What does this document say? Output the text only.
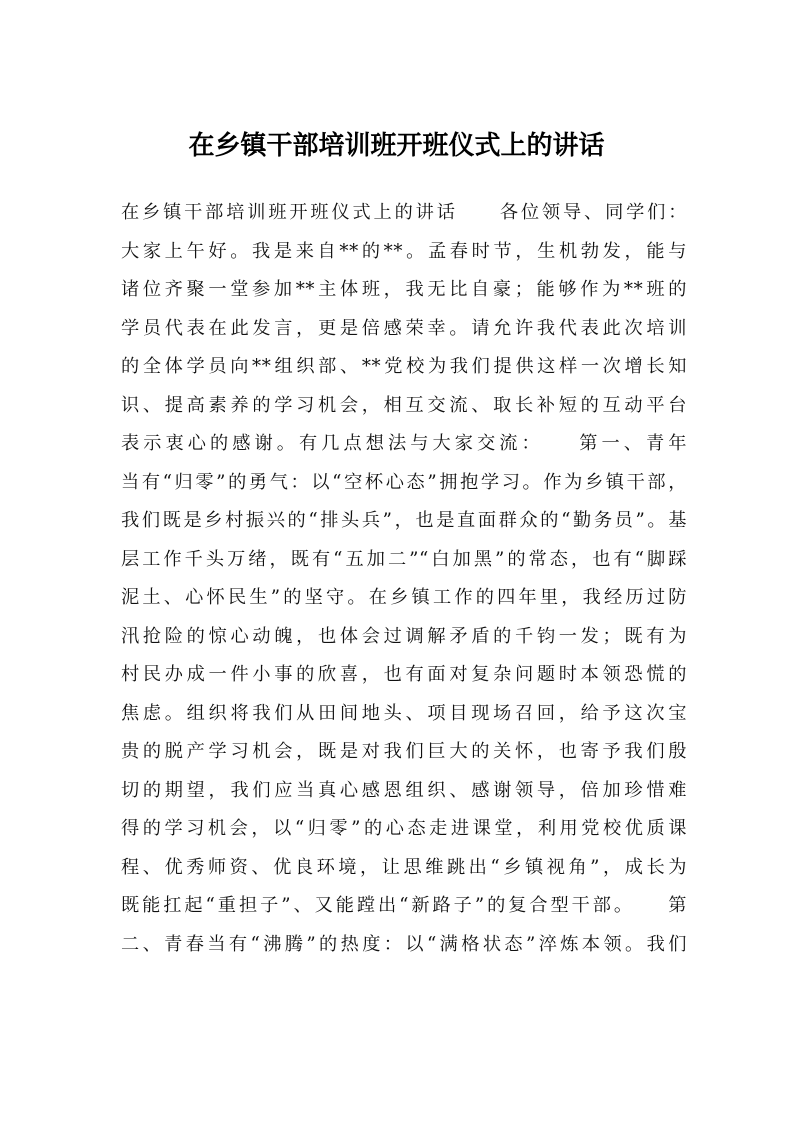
在乡镇干部培训班开班仪式上的讲话
在乡镇干部培训班开班仪式上的讲话　　各位领导、同学们：
大家上午好。我是来自**的**。孟春时节，生机勃发，能与
诸位齐聚一堂参加**主体班，我无比自豪；能够作为**班的
学员代表在此发言，更是倍感荣幸。请允许我代表此次培训
的全体学员向**组织部、**党校为我们提供这样一次增长知
识、提高素养的学习机会，相互交流、取长补短的互动平台
表示衷心的感谢。有几点想法与大家交流：　　第一、青年
当有“归零”的勇气：以“空杯心态”拥抱学习。作为乡镇干部，
我们既是乡村振兴的“排头兵”，也是直面群众的“勤务员”。基
层工作千头万绪，既有“五加二”“白加黑”的常态，也有“脚踩
泥土、心怀民生”的坚守。在乡镇工作的四年里，我经历过防
汛抢险的惊心动魄，也体会过调解矛盾的千钧一发；既有为
村民办成一件小事的欣喜，也有面对复杂问题时本领恐慌的
焦虑。组织将我们从田间地头、项目现场召回，给予这次宝
贵的脱产学习机会，既是对我们巨大的关怀，也寄予我们殷
切的期望，我们应当真心感恩组织、感谢领导，倍加珍惜难
得的学习机会，以“归零”的心态走进课堂，利用党校优质课
程、优秀师资、优良环境，让思维跳出“乡镇视角”，成长为
既能扛起“重担子”、又能蹚出“新路子”的复合型干部。　　第
二、青春当有“沸腾”的热度：以“满格状态”淬炼本领。我们
